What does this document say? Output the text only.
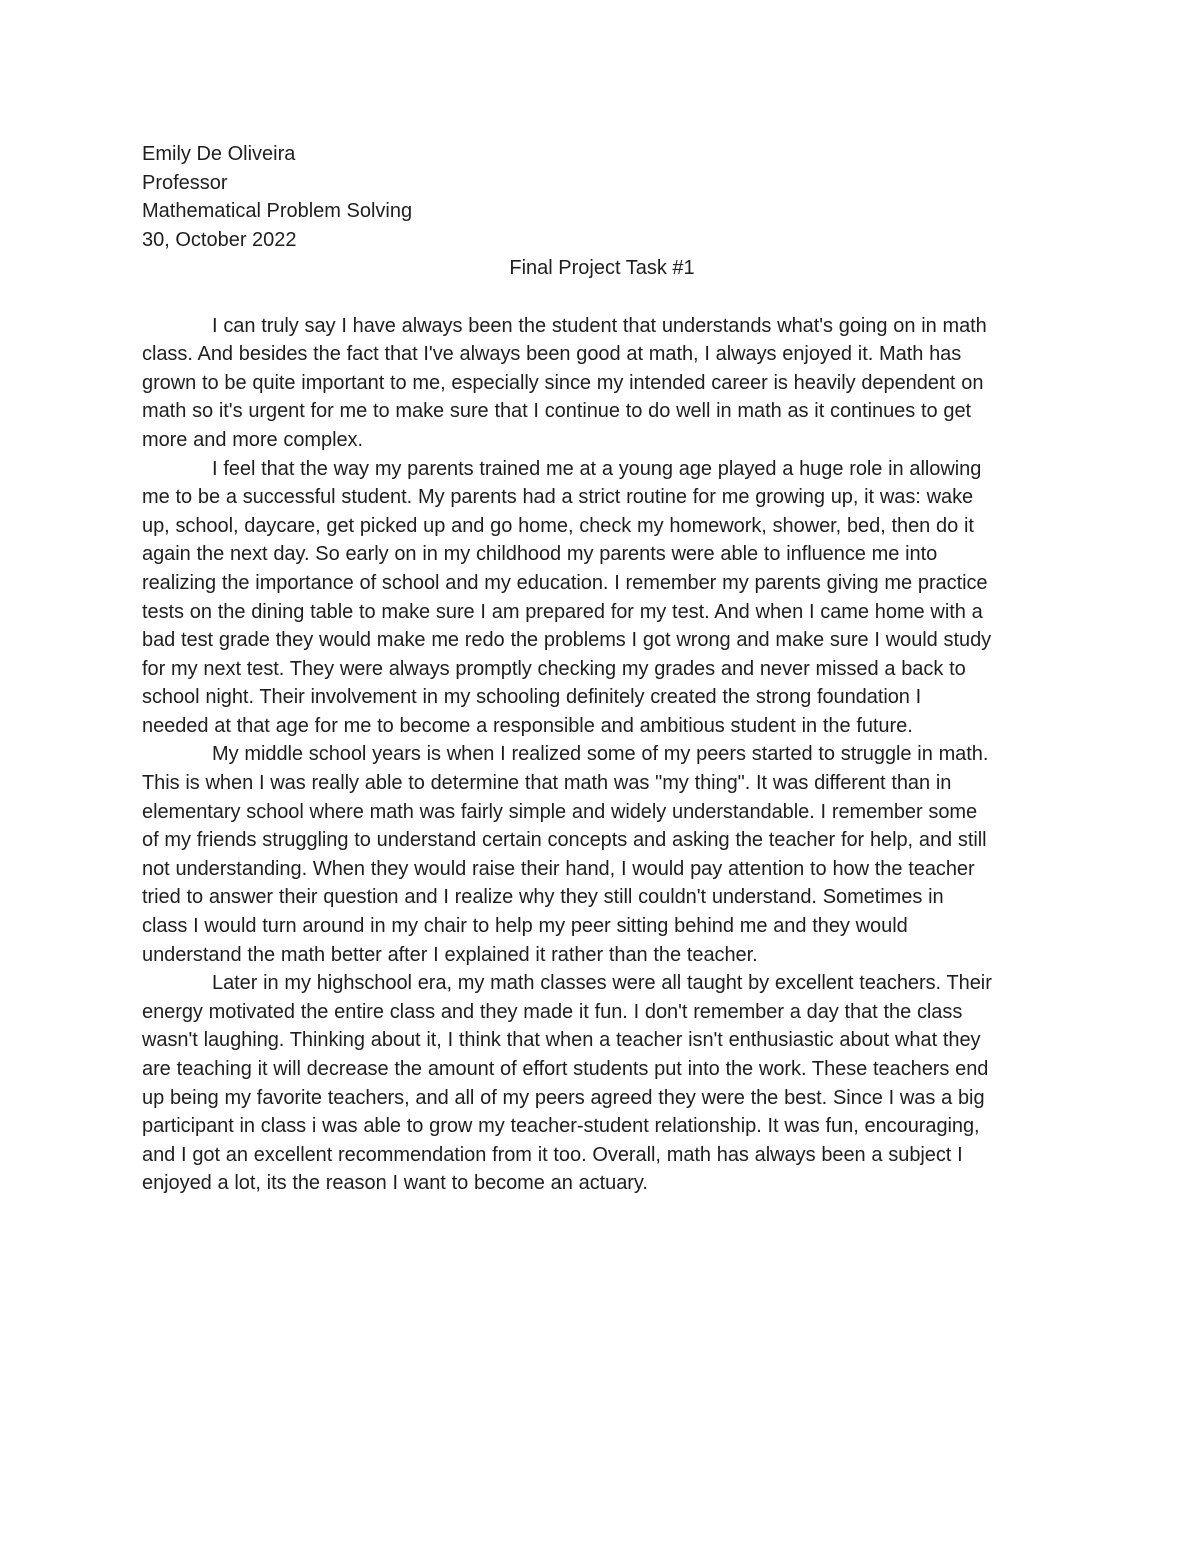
Emily De Oliveira

Professor

Mathematical Problem Solving

30, October 2022

Final Project Task #1

I can truly say I have always been the student that understands what's going on in math
class. And besides the fact that I've always been good at math, I always enjoyed it. Math has
grown to be quite important to me, especially since my intended career is heavily dependent on
math so it's urgent for me to make sure that I continue to do well in math as it continues to get
more and more complex.

I feel that the way my parents trained me at a young age played a huge role in allowing
me to be a successful student. My parents had a strict routine for me growing up, it was: wake
up, school, daycare, get picked up and go home, check my homework, shower, bed, then do it
again the next day. So early on in my childhood my parents were able to influence me into
realizing the importance of school and my education. I remember my parents giving me practice
tests on the dining table to make sure I am prepared for my test. And when I came home with a
bad test grade they would make me redo the problems I got wrong and make sure I would study
for my next test. They were always promptly checking my grades and never missed a back to
school night. Their involvement in my schooling definitely created the strong foundation I
needed at that age for me to become a responsible and ambitious student in the future.

My middle school years is when I realized some of my peers started to struggle in math.
This is when I was really able to determine that math was "my thing". It was different than in
elementary school where math was fairly simple and widely understandable. I remember some
of my friends struggling to understand certain concepts and asking the teacher for help, and still
not understanding. When they would raise their hand, I would pay attention to how the teacher
tried to answer their question and I realize why they still couldn't understand. Sometimes in
class I would turn around in my chair to help my peer sitting behind me and they would
understand the math better after I explained it rather than the teacher.

Later in my highschool era, my math classes were all taught by excellent teachers. Their
energy motivated the entire class and they made it fun. I don't remember a day that the class
wasn't laughing. Thinking about it, I think that when a teacher isn't enthusiastic about what they
are teaching it will decrease the amount of effort students put into the work. These teachers end
up being my favorite teachers, and all of my peers agreed they were the best. Since I was a big
participant in class i was able to grow my teacher-student relationship. It was fun, encouraging,
and I got an excellent recommendation from it too. Overall, math has always been a subject I
enjoyed a lot, its the reason I want to become an actuary.
